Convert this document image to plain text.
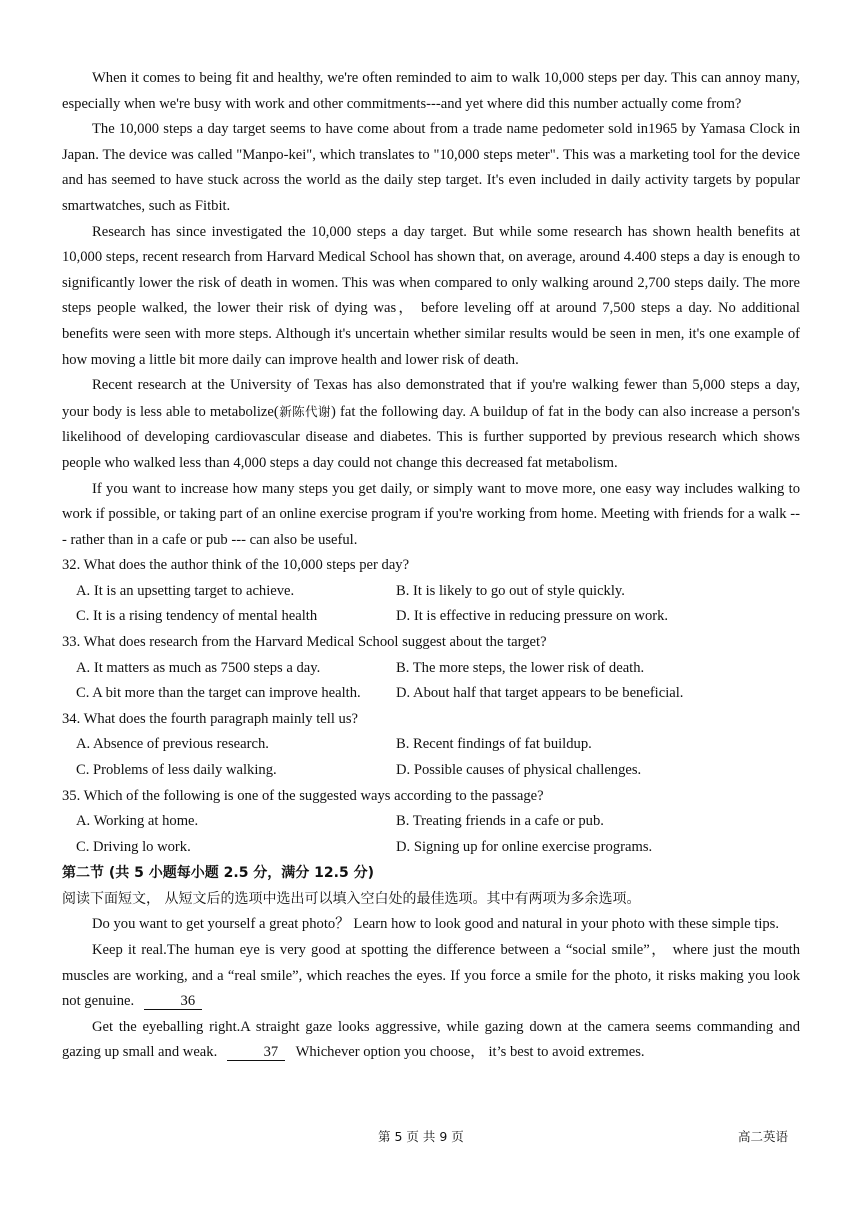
When it comes to being fit and healthy, we're often reminded to aim to walk 10,000 steps per day. This can annoy many, especially when we're busy with work and other commitments---and yet where did this number actually come from?

The 10,000 steps a day target seems to have come about from a trade name pedometer sold in1965 by Yamasa Clock in Japan. The device was called "Manpo-kei", which translates to "10,000 steps meter". This was a marketing tool for the device and has seemed to have stuck across the world as the daily step target. It's even included in daily activity targets by popular smartwatches, such as Fitbit.

Research has since investigated the 10,000 steps a day target. But while some research has shown health benefits at 10,000 steps, recent research from Harvard Medical School has shown that, on average, around 4.400 steps a day is enough to significantly lower the risk of death in women. This was when compared to only walking around 2,700 steps daily. The more steps people walked, the lower their risk of dying was， before leveling off at around 7,500 steps a day. No additional benefits were seen with more steps. Although it's uncertain whether similar results would be seen in men, it's one example of how moving a little bit more daily can improve health and lower risk of death.

Recent research at the University of Texas has also demonstrated that if you're walking fewer than 5,000 steps a day, your body is less able to metabolize(新陈代谢) fat the following day. A buildup of fat in the body can also increase a person's likelihood of developing cardiovascular disease and diabetes. This is further supported by previous research which shows people who walked less than 4,000 steps a day could not change this decreased fat metabolism.

If you want to increase how many steps you get daily, or simply want to move more, one easy way includes walking to work if possible, or taking part of an online exercise program if you're working from home. Meeting with friends for a walk --- rather than in a cafe or pub --- can also be useful.

32. What does the author think of the 10,000 steps per day?

A. It is an upsetting target to achieve.	B. It is likely to go out of style quickly.
C. It is a rising tendency of mental health	D. It is effective in reducing pressure on work.

33. What does research from the Harvard Medical School suggest about the target?

A. It matters as much as 7500 steps a day.	B. The more steps, the lower risk of death.
C. A bit more than the target can improve health.	D. About half that target appears to be beneficial.

34. What does the fourth paragraph mainly tell us?

A. Absence of previous research.	B. Recent findings of fat buildup.
C. Problems of less daily walking.	D. Possible causes of physical challenges.

35. Which of the following is one of the suggested ways according to the passage?

A. Working at home.	B. Treating friends in a cafe or pub.
C. Driving lo work.	D. Signing up for online exercise programs.
第二节 (共 5 小题每小题 2.5 分，满分 12.5 分)
阅读下面短文， 从短文后的选项中选出可以填入空白处的最佳选项。其中有两项为多余选项。

Do you want to get yourself a great photo？ Learn how to look good and natural in your photo with these simple tips.

Keep it real.The human eye is very good at spotting the difference between a “social smile”， where just the mouth muscles are working, and a “real smile”, which reaches the eyes. If you force a smile for the photo, it risks making you look not genuine.	36

Get the eyeballing right.A straight gaze looks aggressive, while gazing down at the camera seems commanding and gazing up small and weak.	37 Whichever option you choose， it’s best to avoid extremes.

第 5 页 共 9 页	高二英语
